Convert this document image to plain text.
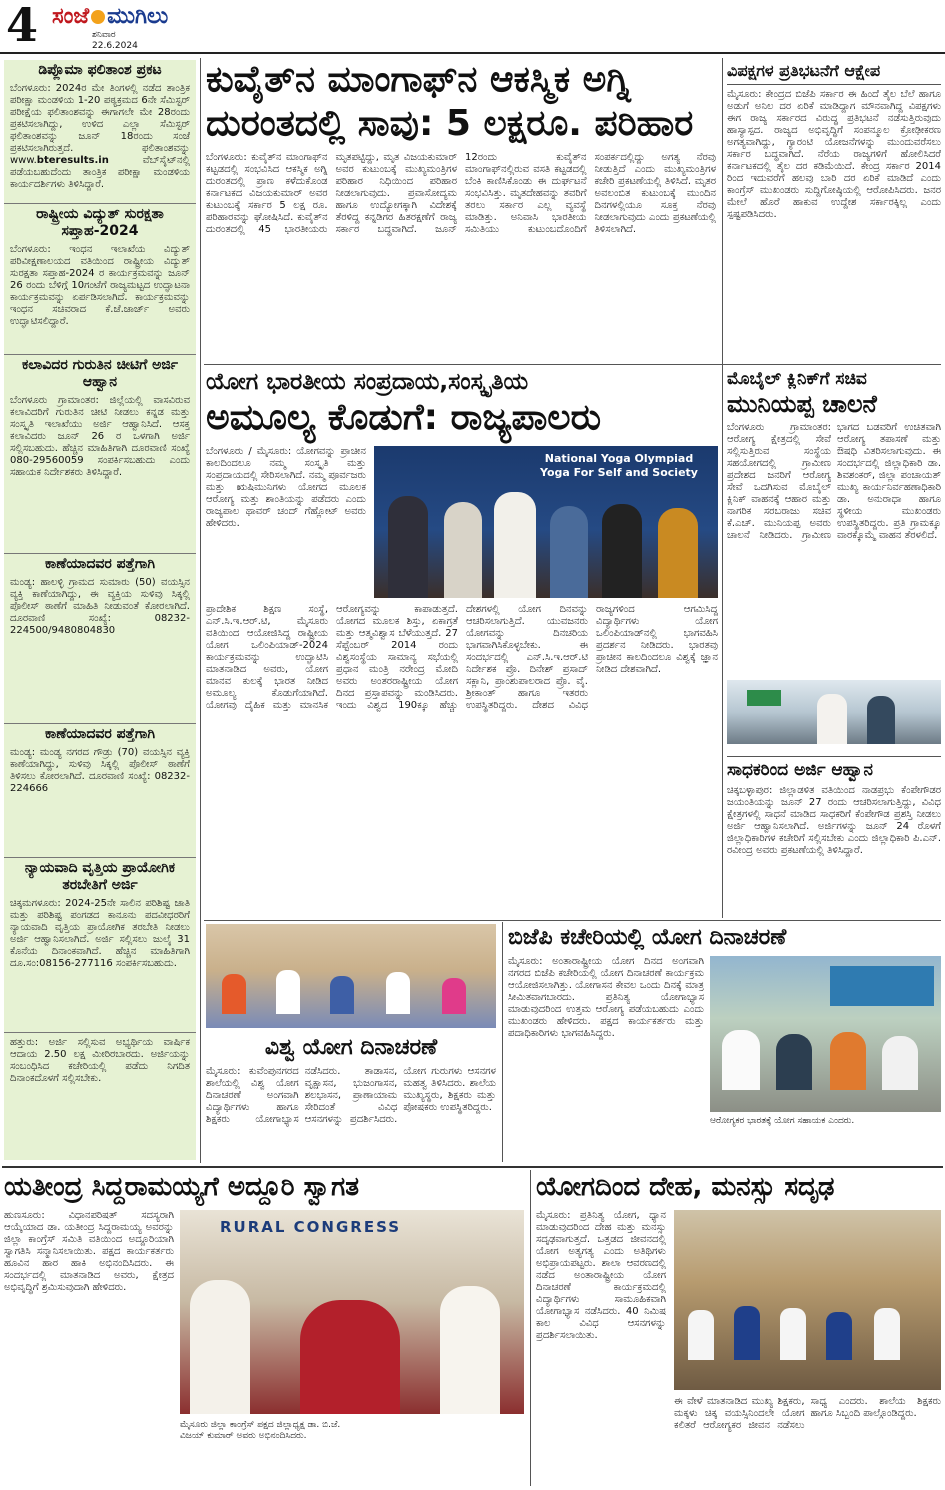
4 ಸಂಜೆ ಮುಗಿಲು
ಶನಿವಾರ
22.6.2024
ಡಿಪ್ಲೊಮಾ ಫಲಿತಾಂಶ ಪ್ರಕಟ
ಬೆಂಗಳೂರು: 2024ರ ಮೇ ತಿಂಗಳಲ್ಲಿ ನಡೆದ ತಾಂತ್ರಿಕ ಪರೀಕ್ಷಾ ಮಂಡಳಿಯ 1-20 ಪಠ್ಯಕ್ರಮದ 6ನೇ ಸೆಮಿಸ್ಟರ್ ಪರೀಕ್ಷೆಯ ಫಲಿತಾಂಶವನ್ನು ಈಗಾಗಲೇ ಮೇ 28ರಂದು ಪ್ರಕಟಿಸಲಾಗಿದ್ದು, ಉಳಿದ ಎಲ್ಲಾ ಸೆಮಿಸ್ಟರ್ ಫಲಿತಾಂಶವನ್ನು ಜೂನ್ 18ರಂದು ಸಂಜೆ ಪ್ರಕಟಿಸಲಾಗಿರುತ್ತದೆ. ಫಲಿತಾಂಶವನ್ನು www.bteresults.in	ವೆಬ್‌ಸೈಟ್‌ನಲ್ಲಿ ಪಡೆಯಬಹುದೆಂದು ತಾಂತ್ರಿಕ ಪರೀಕ್ಷಾ ಮಂಡಳಿಯ ಕಾರ್ಯದರ್ಶಿಗಳು ತಿಳಿಸಿದ್ದಾರೆ.
ರಾಷ್ಟ್ರೀಯ ವಿದ್ಯುತ್ ಸುರಕ್ಷತಾ ಸಪ್ತಾಹ-2024
ಬೆಂಗಳೂರು: ಇಂಧನ ಇಲಾಖೆಯ ವಿದ್ಯುತ್ ಪರಿವೀಕ್ಷಣಾಲಯದ ವತಿಯಿಂದ ರಾಷ್ಟ್ರೀಯ ವಿದ್ಯುತ್ ಸುರಕ್ಷತಾ ಸಪ್ತಾಹ-2024 ರ ಕಾರ್ಯಕ್ರಮವನ್ನು ಜೂನ್ 26 ರಂದು ಬೆಳಿಗ್ಗೆ 10ಗಂಟೆಗೆ ರಾಜ್ಯಮಟ್ಟದ ಉದ್ಘಾಟನಾ ಕಾರ್ಯಕ್ರಮವನ್ನು ಏರ್ಪಡಿಸಲಾಗಿದೆ. ಕಾರ್ಯಕ್ರಮವನ್ನು ಇಂಧನ ಸಚಿವರಾದ ಕೆ.ಜೆ.ಜಾರ್ಜ್ ಅವರು ಉದ್ಘಾಟಿಸಲಿದ್ದಾರೆ.
ಕಲಾವಿದರ ಗುರುತಿನ ಚೀಟಿಗೆ ಅರ್ಜಿ ಆಹ್ವಾನ
ಬೆಂಗಳೂರು ಗ್ರಾಮಾಂತರ: ಜಿಲ್ಲೆಯಲ್ಲಿ ವಾಸವಿರುವ ಕಲಾವಿದರಿಗೆ ಗುರುತಿನ ಚೀಟಿ ನೀಡಲು ಕನ್ನಡ ಮತ್ತು ಸಂಸ್ಕೃತಿ ಇಲಾಖೆಯು ಅರ್ಜಿ ಆಹ್ವಾನಿಸಿದೆ. ಆಸಕ್ತ ಕಲಾವಿದರು ಜೂನ್ 26 ರ ಒಳಗಾಗಿ ಅರ್ಜಿ ಸಲ್ಲಿಸಬಹುದು. ಹೆಚ್ಚಿನ ಮಾಹಿತಿಗಾಗಿ ದೂರವಾಣಿ ಸಂಖ್ಯೆ 080-29560059 ಸಂಪರ್ಕಿಸಬಹುದು ಎಂದು ಸಹಾಯಕ ನಿರ್ದೇಶಕರು ತಿಳಿಸಿದ್ದಾರೆ.
ಕಾಣೆಯಾದವರ ಪತ್ತೆಗಾಗಿ
ಮಂಡ್ಯ: ಹಾಲಳ್ಳಿ ಗ್ರಾಮದ ಸುಮಾರು (50) ವಯಸ್ಸಿನ ವ್ಯಕ್ತಿ ಕಾಣೆಯಾಗಿದ್ದು, ಈ ವ್ಯಕ್ತಿಯ ಸುಳಿವು ಸಿಕ್ಕಲ್ಲಿ ಪೊಲೀಸ್ ಠಾಣೆಗೆ ಮಾಹಿತಿ ನೀಡುವಂತೆ ಕೋರಲಾಗಿದೆ. ದೂರವಾಣಿ ಸಂಖ್ಯೆ: 08232-224500/9480804830
ಕಾಣೆಯಾದವರ ಪತ್ತೆಗಾಗಿ
ಮಂಡ್ಯ: ಮಂಡ್ಯ ನಗರದ ಗೌಡ್ರು (70) ವಯಸ್ಸಿನ ವ್ಯಕ್ತಿ ಕಾಣೆಯಾಗಿದ್ದು, ಸುಳಿವು ಸಿಕ್ಕಲ್ಲಿ ಪೊಲೀಸ್ ಠಾಣೆಗೆ ತಿಳಿಸಲು ಕೋರಲಾಗಿದೆ. ದೂರವಾಣಿ ಸಂಖ್ಯೆ: 08232-224666
ನ್ಯಾಯವಾದಿ ವೃತ್ತಿಯ ಪ್ರಾಯೋಗಿಕ ತರಬೇತಿಗೆ ಅರ್ಜಿ
ಚಿಕ್ಕಮಗಳೂರು: 2024-25ನೇ ಸಾಲಿನ ಪರಿಶಿಷ್ಟ ಜಾತಿ ಮತ್ತು ಪರಿಶಿಷ್ಟ ಪಂಗಡದ ಕಾನೂನು ಪದವೀಧರರಿಗೆ ನ್ಯಾಯವಾದಿ ವೃತ್ತಿಯ ಪ್ರಾಯೋಗಿಕ ತರಬೇತಿ ನೀಡಲು ಅರ್ಜಿ ಆಹ್ವಾನಿಸಲಾಗಿದೆ. ಅರ್ಜಿ ಸಲ್ಲಿಸಲು ಜುಲೈ 31 ಕೊನೆಯ ದಿನಾಂಕವಾಗಿದೆ. ಹೆಚ್ಚಿನ ಮಾಹಿತಿಗಾಗಿ ದೂ.ಸಂ:08156-277116 ಸಂಪರ್ಕಿಸಬಹುದು.
ಹತ್ತುರು: ಅರ್ಜಿ ಸಲ್ಲಿಸುವ ಅಭ್ಯರ್ಥಿಯ ವಾರ್ಷಿಕ ಆದಾಯ 2.50 ಲಕ್ಷ ಮೀರಿರಬಾರದು. ಅರ್ಜಿಯನ್ನು ಸಂಬಂಧಿಸಿದ ಕಚೇರಿಯಲ್ಲಿ ಪಡೆದು ನಿಗದಿತ ದಿನಾಂಕದೊಳಗೆ ಸಲ್ಲಿಸಬೇಕು.
ಕುವೈತ್‌ನ ಮಾಂಗಾಫ್‌ನ ಆಕಸ್ಮಿಕ ಅಗ್ನಿ
ದುರಂತದಲ್ಲಿ ಸಾವು: 5 ಲಕ್ಷರೂ. ಪರಿಹಾರ
ಬೆಂಗಳೂರು: ಕುವೈತ್‌ನ ಮಾಂಗಾಫ್‌ನ ಕಟ್ಟಡದಲ್ಲಿ ಸಂಭವಿಸಿದ ಆಕಸ್ಮಿಕ ಅಗ್ನಿ ದುರಂತದಲ್ಲಿ ಪ್ರಾಣ ಕಳೆದುಕೊಂಡ ಕರ್ನಾಟಕದ ವಿಜಯಕುಮಾರ್ ಅವರ ಕುಟುಂಬಕ್ಕೆ ಸರ್ಕಾರ 5 ಲಕ್ಷ ರೂ. ಪರಿಹಾರವನ್ನು ಘೋಷಿಸಿದೆ. ಕುವೈತ್‌ನ ದುರಂತದಲ್ಲಿ 45 ಭಾರತೀಯರು ಮೃತಪಟ್ಟಿದ್ದು, ಮೃತ ವಿಜಯಕುಮಾರ್ ಅವರ ಕುಟುಂಬಕ್ಕೆ ಮುಖ್ಯಮಂತ್ರಿಗಳ ಪರಿಹಾರ ನಿಧಿಯಿಂದ ಪರಿಹಾರ ನೀಡಲಾಗುವುದು. ಪ್ರವಾಸೋದ್ಯಮ ಹಾಗೂ ಉದ್ಯೋಗಕ್ಕಾಗಿ ವಿದೇಶಕ್ಕೆ ತೆರಳಿದ್ದ ಕನ್ನಡಿಗರ ಹಿತರಕ್ಷಣೆಗೆ ರಾಜ್ಯ ಸರ್ಕಾರ ಬದ್ಧವಾಗಿದೆ. ಜೂನ್ 12ರಂದು ಕುವೈತ್‌ನ ಮಾಂಗಾಫ್‌ನಲ್ಲಿರುವ ವಸತಿ ಕಟ್ಟಡದಲ್ಲಿ ಬೆಂಕಿ ಕಾಣಿಸಿಕೊಂಡು ಈ ದುರ್ಘಟನೆ ಸಂಭವಿಸಿತ್ತು. ಮೃತದೇಹವನ್ನು ತವರಿಗೆ ತರಲು ಸರ್ಕಾರ ಎಲ್ಲ ವ್ಯವಸ್ಥೆ ಮಾಡಿತ್ತು. ಅನಿವಾಸಿ ಭಾರತೀಯ ಸಮಿತಿಯು ಕುಟುಂಬದೊಂದಿಗೆ ಸಂಪರ್ಕದಲ್ಲಿದ್ದು ಅಗತ್ಯ ನೆರವು ನೀಡುತ್ತಿದೆ ಎಂದು ಮುಖ್ಯಮಂತ್ರಿಗಳ ಕಚೇರಿ ಪ್ರಕಟಣೆಯಲ್ಲಿ ತಿಳಿಸಿದೆ. ಮೃತರ ಅವಲಂಬಿತ ಕುಟುಂಬಕ್ಕೆ ಮುಂದಿನ ದಿನಗಳಲ್ಲಿಯೂ ಸೂಕ್ತ ನೆರವು ನೀಡಲಾಗುವುದು ಎಂದು ಪ್ರಕಟಣೆಯಲ್ಲಿ ತಿಳಿಸಲಾಗಿದೆ.
ವಿಪಕ್ಷಗಳ ಪ್ರತಿಭಟನೆಗೆ ಆಕ್ಷೇಪ
ಮೈಸೂರು: ಕೇಂದ್ರದ ಬಿಜೆಪಿ ಸರ್ಕಾರ ಈ ಹಿಂದೆ ತೈಲ ಬೆಲೆ ಹಾಗೂ ಅಡುಗೆ ಅನಿಲ ದರ ಏರಿಕೆ ಮಾಡಿದ್ದಾಗ ಮೌನವಾಗಿದ್ದ ವಿಪಕ್ಷಗಳು ಈಗ ರಾಜ್ಯ ಸರ್ಕಾರದ ವಿರುದ್ಧ ಪ್ರತಿಭಟನೆ ನಡೆಸುತ್ತಿರುವುದು ಹಾಸ್ಯಾಸ್ಪದ. ರಾಜ್ಯದ ಅಭಿವೃದ್ಧಿಗೆ ಸಂಪನ್ಮೂಲ ಕ್ರೋಢೀಕರಣ ಅಗತ್ಯವಾಗಿದ್ದು, ಗ್ಯಾರಂಟಿ ಯೋಜನೆಗಳನ್ನು ಮುಂದುವರೆಸಲು ಸರ್ಕಾರ ಬದ್ಧವಾಗಿದೆ. ನೆರೆಯ ರಾಜ್ಯಗಳಿಗೆ ಹೋಲಿಸಿದರೆ ಕರ್ನಾಟಕದಲ್ಲಿ ತೈಲ ದರ ಕಡಿಮೆಯಿದೆ. ಕೇಂದ್ರ ಸರ್ಕಾರ 2014 ರಿಂದ ಇದುವರೆಗೆ ಹಲವು ಬಾರಿ ದರ ಏರಿಕೆ ಮಾಡಿದೆ ಎಂದು ಕಾಂಗ್ರೆಸ್ ಮುಖಂಡರು ಸುದ್ದಿಗೋಷ್ಠಿಯಲ್ಲಿ ಆರೋಪಿಸಿದರು. ಜನರ ಮೇಲೆ ಹೊರೆ ಹಾಕುವ ಉದ್ದೇಶ ಸರ್ಕಾರಕ್ಕಿಲ್ಲ ಎಂದು ಸ್ಪಷ್ಟಪಡಿಸಿದರು.
ಯೋಗ ಭಾರತೀಯ ಸಂಪ್ರದಾಯ,ಸಂಸ್ಕೃತಿಯ
ಅಮೂಲ್ಯ ಕೊಡುಗೆ: ರಾಜ್ಯಪಾಲರು
ಬೆಂಗಳೂರು / ಮೈಸೂರು: ಯೋಗವನ್ನು ಪ್ರಾಚೀನ ಕಾಲದಿಂದಲೂ ನಮ್ಮ ಸಂಸ್ಕೃತಿ ಮತ್ತು ಸಂಪ್ರದಾಯದಲ್ಲಿ ಸೇರಿಸಲಾಗಿದೆ. ನಮ್ಮ ಪೂರ್ವಜರು ಮತ್ತು ಋಷಿಮುನಿಗಳು ಯೋಗದ ಮೂಲಕ ಆರೋಗ್ಯ ಮತ್ತು ಶಾಂತಿಯನ್ನು ಪಡೆದರು ಎಂದು ರಾಜ್ಯಪಾಲ ಥಾವರ್ ಚಂದ್ ಗೆಹ್ಲೋಟ್ ಅವರು ಹೇಳಿದರು.
National Yoga Olympiad
Yoga For Self and Society
ಪ್ರಾದೇಶಿಕ ಶಿಕ್ಷಣ ಸಂಸ್ಥೆ, ಎನ್.ಸಿ.ಇ.ಆರ್.ಟಿ, ಮೈಸೂರು ವತಿಯಿಂದ ಆಯೋಜಿಸಿದ್ದ ರಾಷ್ಟ್ರೀಯ ಯೋಗ ಒಲಿಂಪಿಯಾಡ್-2024 ಕಾರ್ಯಕ್ರಮವನ್ನು ಉದ್ಘಾಟಿಸಿ ಮಾತನಾಡಿದ ಅವರು, ಯೋಗ ಮಾನವ ಕುಲಕ್ಕೆ ಭಾರತ ನೀಡಿದ ಅಮೂಲ್ಯ ಕೊಡುಗೆಯಾಗಿದೆ. ಯೋಗವು ದೈಹಿಕ ಮತ್ತು ಮಾನಸಿಕ ಆರೋಗ್ಯವನ್ನು ಕಾಪಾಡುತ್ತದೆ. ಯೋಗದ ಮೂಲಕ ಶಿಸ್ತು, ಏಕಾಗ್ರತೆ ಮತ್ತು ಆತ್ಮವಿಶ್ವಾಸ ಬೆಳೆಯುತ್ತದೆ. 27 ಸೆಪ್ಟೆಂಬರ್ 2014 ರಂದು ವಿಶ್ವಸಂಸ್ಥೆಯ ಸಾಮಾನ್ಯ ಸಭೆಯಲ್ಲಿ ಪ್ರಧಾನ ಮಂತ್ರಿ ನರೇಂದ್ರ ಮೋದಿ ಅವರು ಅಂತರರಾಷ್ಟ್ರೀಯ ಯೋಗ ದಿನದ ಪ್ರಸ್ತಾಪವನ್ನು ಮಂಡಿಸಿದರು. ಇಂದು ವಿಶ್ವದ 190ಕ್ಕೂ ಹೆಚ್ಚು ದೇಶಗಳಲ್ಲಿ ಯೋಗ ದಿನವನ್ನು ಆಚರಿಸಲಾಗುತ್ತಿದೆ. ಯುವಜನರು ಯೋಗವನ್ನು ದಿನಚರಿಯ ಭಾಗವಾಗಿಸಿಕೊಳ್ಳಬೇಕು. ಈ ಸಂದರ್ಭದಲ್ಲಿ ಎನ್.ಸಿ.ಇ.ಆರ್.ಟಿ ನಿರ್ದೇಶಕ ಪ್ರೊ. ದಿನೇಶ್ ಪ್ರಸಾದ್ ಸಕ್ಲಾನಿ, ಪ್ರಾಂಶುಪಾಲರಾದ ಪ್ರೊ. ವೈ. ಶ್ರೀಕಾಂತ್ ಹಾಗೂ ಇತರರು ಉಪಸ್ಥಿತರಿದ್ದರು. ದೇಶದ ವಿವಿಧ ರಾಜ್ಯಗಳಿಂದ ಆಗಮಿಸಿದ್ದ ವಿದ್ಯಾರ್ಥಿಗಳು ಯೋಗ ಒಲಿಂಪಿಯಾಡ್‌ನಲ್ಲಿ ಭಾಗವಹಿಸಿ ಪ್ರದರ್ಶನ ನೀಡಿದರು. ಭಾರತವು ಪ್ರಾಚೀನ ಕಾಲದಿಂದಲೂ ವಿಶ್ವಕ್ಕೆ ಜ್ಞಾನ ನೀಡಿದ ದೇಶವಾಗಿದೆ.
ಮೊಬೈಲ್ ಕ್ಲಿನಿಕ್‌ಗೆ ಸಚಿವ
ಮುನಿಯಪ್ಪ ಚಾಲನೆ
ಬೆಂಗಳೂರು ಗ್ರಾಮಾಂತರ: ಆರೋಗ್ಯ ಕ್ಷೇತ್ರದಲ್ಲಿ ಸೇವೆ ಸಲ್ಲಿಸುತ್ತಿರುವ ಸಂಸ್ಥೆಯ ಸಹಯೋಗದಲ್ಲಿ ಗ್ರಾಮೀಣ ಪ್ರದೇಶದ ಜನರಿಗೆ ಆರೋಗ್ಯ ಸೇವೆ ಒದಗಿಸುವ ಮೊಬೈಲ್ ಕ್ಲಿನಿಕ್ ವಾಹನಕ್ಕೆ ಆಹಾರ ಮತ್ತು ನಾಗರಿಕ ಸರಬರಾಜು ಸಚಿವ ಕೆ.ಎಚ್. ಮುನಿಯಪ್ಪ ಅವರು ಚಾಲನೆ ನೀಡಿದರು. ಗ್ರಾಮೀಣ ಭಾಗದ ಬಡವರಿಗೆ ಉಚಿತವಾಗಿ ಆರೋಗ್ಯ ತಪಾಸಣೆ ಮತ್ತು ಔಷಧಿ ವಿತರಿಸಲಾಗುವುದು. ಈ ಸಂದರ್ಭದಲ್ಲಿ ಜಿಲ್ಲಾಧಿಕಾರಿ ಡಾ. ಶಿವಶಂಕರ್, ಜಿಲ್ಲಾ ಪಂಚಾಯತ್ ಮುಖ್ಯ ಕಾರ್ಯನಿರ್ವಹಣಾಧಿಕಾರಿ ಡಾ. ಅನುರಾಧಾ ಹಾಗೂ ಸ್ಥಳೀಯ ಮುಖಂಡರು ಉಪಸ್ಥಿತರಿದ್ದರು. ಪ್ರತಿ ಗ್ರಾಮಕ್ಕೂ ವಾರಕ್ಕೊಮ್ಮೆ ವಾಹನ ತೆರಳಲಿದೆ.
ಸಾಧಕರಿಂದ ಅರ್ಜಿ ಆಹ್ವಾನ
ಚಿಕ್ಕಬಳ್ಳಾಪುರ: ಜಿಲ್ಲಾಡಳಿತ ವತಿಯಿಂದ ನಾಡಪ್ರಭು ಕೆಂಪೇಗೌಡರ ಜಯಂತಿಯನ್ನು ಜೂನ್ 27 ರಂದು ಆಚರಿಸಲಾಗುತ್ತಿದ್ದು, ವಿವಿಧ ಕ್ಷೇತ್ರಗಳಲ್ಲಿ ಸಾಧನೆ ಮಾಡಿದ ಸಾಧಕರಿಗೆ ಕೆಂಪೇಗೌಡ ಪ್ರಶಸ್ತಿ ನೀಡಲು ಅರ್ಜಿ ಆಹ್ವಾನಿಸಲಾಗಿದೆ. ಅರ್ಜಿಗಳನ್ನು ಜೂನ್ 24 ರೊಳಗೆ ಜಿಲ್ಲಾಧಿಕಾರಿಗಳ ಕಚೇರಿಗೆ ಸಲ್ಲಿಸಬೇಕು ಎಂದು ಜಿಲ್ಲಾಧಿಕಾರಿ ಪಿ.ಎನ್. ರವೀಂದ್ರ ಅವರು ಪ್ರಕಟಣೆಯಲ್ಲಿ ತಿಳಿಸಿದ್ದಾರೆ.
ವಿಶ್ವ ಯೋಗ ದಿನಾಚರಣೆ
ಮೈಸೂರು: ಕುವೆಂಪುನಗರದ ಶಾಲೆಯಲ್ಲಿ ವಿಶ್ವ ಯೋಗ ದಿನಾಚರಣೆ ಅಂಗವಾಗಿ ವಿದ್ಯಾರ್ಥಿಗಳು ಹಾಗೂ ಶಿಕ್ಷಕರು ಯೋಗಾಭ್ಯಾಸ ನಡೆಸಿದರು. ತಾಡಾಸನ, ವೃಕ್ಷಾಸನ, ಭುಜಂಗಾಸನ, ಶಲಭಾಸನ, ಪ್ರಾಣಾಯಾಮ ಸೇರಿದಂತೆ ವಿವಿಧ ಆಸನಗಳನ್ನು ಪ್ರದರ್ಶಿಸಿದರು. ಯೋಗ ಗುರುಗಳು ಆಸನಗಳ ಮಹತ್ವ ತಿಳಿಸಿದರು. ಶಾಲೆಯ ಮುಖ್ಯಸ್ಥರು, ಶಿಕ್ಷಕರು ಮತ್ತು ಪೋಷಕರು ಉಪಸ್ಥಿತರಿದ್ದರು.
ಬಿಜೆಪಿ ಕಚೇರಿಯಲ್ಲಿ ಯೋಗ ದಿನಾಚರಣೆ
ಮೈಸೂರು: ಅಂತಾರಾಷ್ಟ್ರೀಯ ಯೋಗ ದಿನದ ಅಂಗವಾಗಿ ನಗರದ ಬಿಜೆಪಿ ಕಚೇರಿಯಲ್ಲಿ ಯೋಗ ದಿನಾಚರಣೆ ಕಾರ್ಯಕ್ರಮ ಆಯೋಜಿಸಲಾಗಿತ್ತು. ಯೋಗಾಸನ ಕೇವಲ ಒಂದು ದಿನಕ್ಕೆ ಮಾತ್ರ ಸೀಮಿತವಾಗಬಾರದು. ಪ್ರತಿನಿತ್ಯ ಯೋಗಾಭ್ಯಾಸ ಮಾಡುವುದರಿಂದ ಉತ್ತಮ ಆರೋಗ್ಯ ಪಡೆಯಬಹುದು ಎಂದು ಮುಖಂಡರು ಹೇಳಿದರು. ಪಕ್ಷದ ಕಾರ್ಯಕರ್ತರು ಮತ್ತು ಪದಾಧಿಕಾರಿಗಳು ಭಾಗವಹಿಸಿದ್ದರು.
ಆರೋಗ್ಯಕರ ಭಾರತಕ್ಕೆ ಯೋಗ ಸಹಾಯಕ ಎಂದರು.
ಯತೀಂದ್ರ ಸಿದ್ದರಾಮಯ್ಯಗೆ ಅದ್ದೂರಿ ಸ್ವಾಗತ
ಹುಣಸೂರು: ವಿಧಾನಪರಿಷತ್ ಸದಸ್ಯರಾಗಿ ಆಯ್ಕೆಯಾದ ಡಾ. ಯತೀಂದ್ರ ಸಿದ್ದರಾಮಯ್ಯ ಅವರನ್ನು ಜಿಲ್ಲಾ ಕಾಂಗ್ರೆಸ್ ಸಮಿತಿ ವತಿಯಿಂದ ಅದ್ದೂರಿಯಾಗಿ ಸ್ವಾಗತಿಸಿ ಸನ್ಮಾನಿಸಲಾಯಿತು. ಪಕ್ಷದ ಕಾರ್ಯಕರ್ತರು ಹೂವಿನ ಹಾರ ಹಾಕಿ ಅಭಿನಂದಿಸಿದರು. ಈ ಸಂದರ್ಭದಲ್ಲಿ ಮಾತನಾಡಿದ ಅವರು, ಕ್ಷೇತ್ರದ ಅಭಿವೃದ್ಧಿಗೆ ಶ್ರಮಿಸುವುದಾಗಿ ಹೇಳಿದರು.
RURAL CONGRESS
ಮೈಸೂರು ಜಿಲ್ಲಾ ಕಾಂಗ್ರೆಸ್ ಪಕ್ಷದ ಜಿಲ್ಲಾಧ್ಯಕ್ಷ ಡಾ. ಬಿ.ಜೆ. ವಿಜಯ್ ಕುಮಾರ್ ಅವರು ಅಭಿನಂದಿಸಿದರು.
ಯೋಗದಿಂದ ದೇಹ, ಮನಸ್ಸು ಸದೃಢ
ಮೈಸೂರು: ಪ್ರತಿನಿತ್ಯ ಯೋಗ, ಧ್ಯಾನ ಮಾಡುವುದರಿಂದ ದೇಹ ಮತ್ತು ಮನಸ್ಸು ಸದೃಢವಾಗುತ್ತದೆ. ಒತ್ತಡದ ಜೀವನದಲ್ಲಿ ಯೋಗ ಅತ್ಯಗತ್ಯ ಎಂದು ಅತಿಥಿಗಳು ಅಭಿಪ್ರಾಯಪಟ್ಟರು. ಶಾಲಾ ಆವರಣದಲ್ಲಿ ನಡೆದ ಅಂತಾರಾಷ್ಟ್ರೀಯ ಯೋಗ ದಿನಾಚರಣೆ ಕಾರ್ಯಕ್ರಮದಲ್ಲಿ ವಿದ್ಯಾರ್ಥಿಗಳು ಸಾಮೂಹಿಕವಾಗಿ ಯೋಗಾಭ್ಯಾಸ ನಡೆಸಿದರು. 40 ನಿಮಿಷ ಕಾಲ ವಿವಿಧ ಆಸನಗಳನ್ನು ಪ್ರದರ್ಶಿಸಲಾಯಿತು.
ಈ ವೇಳೆ ಮಾತನಾಡಿದ ಮುಖ್ಯ ಶಿಕ್ಷಕರು, ಮಕ್ಕಳು ಚಿಕ್ಕ ವಯಸ್ಸಿನಿಂದಲೇ ಯೋಗ ಕಲಿತರೆ ಆರೋಗ್ಯಕರ ಜೀವನ ನಡೆಸಲು ಸಾಧ್ಯ ಎಂದರು. ಶಾಲೆಯ ಶಿಕ್ಷಕರು ಹಾಗೂ ಸಿಬ್ಬಂದಿ ಪಾಲ್ಗೊಂಡಿದ್ದರು.
